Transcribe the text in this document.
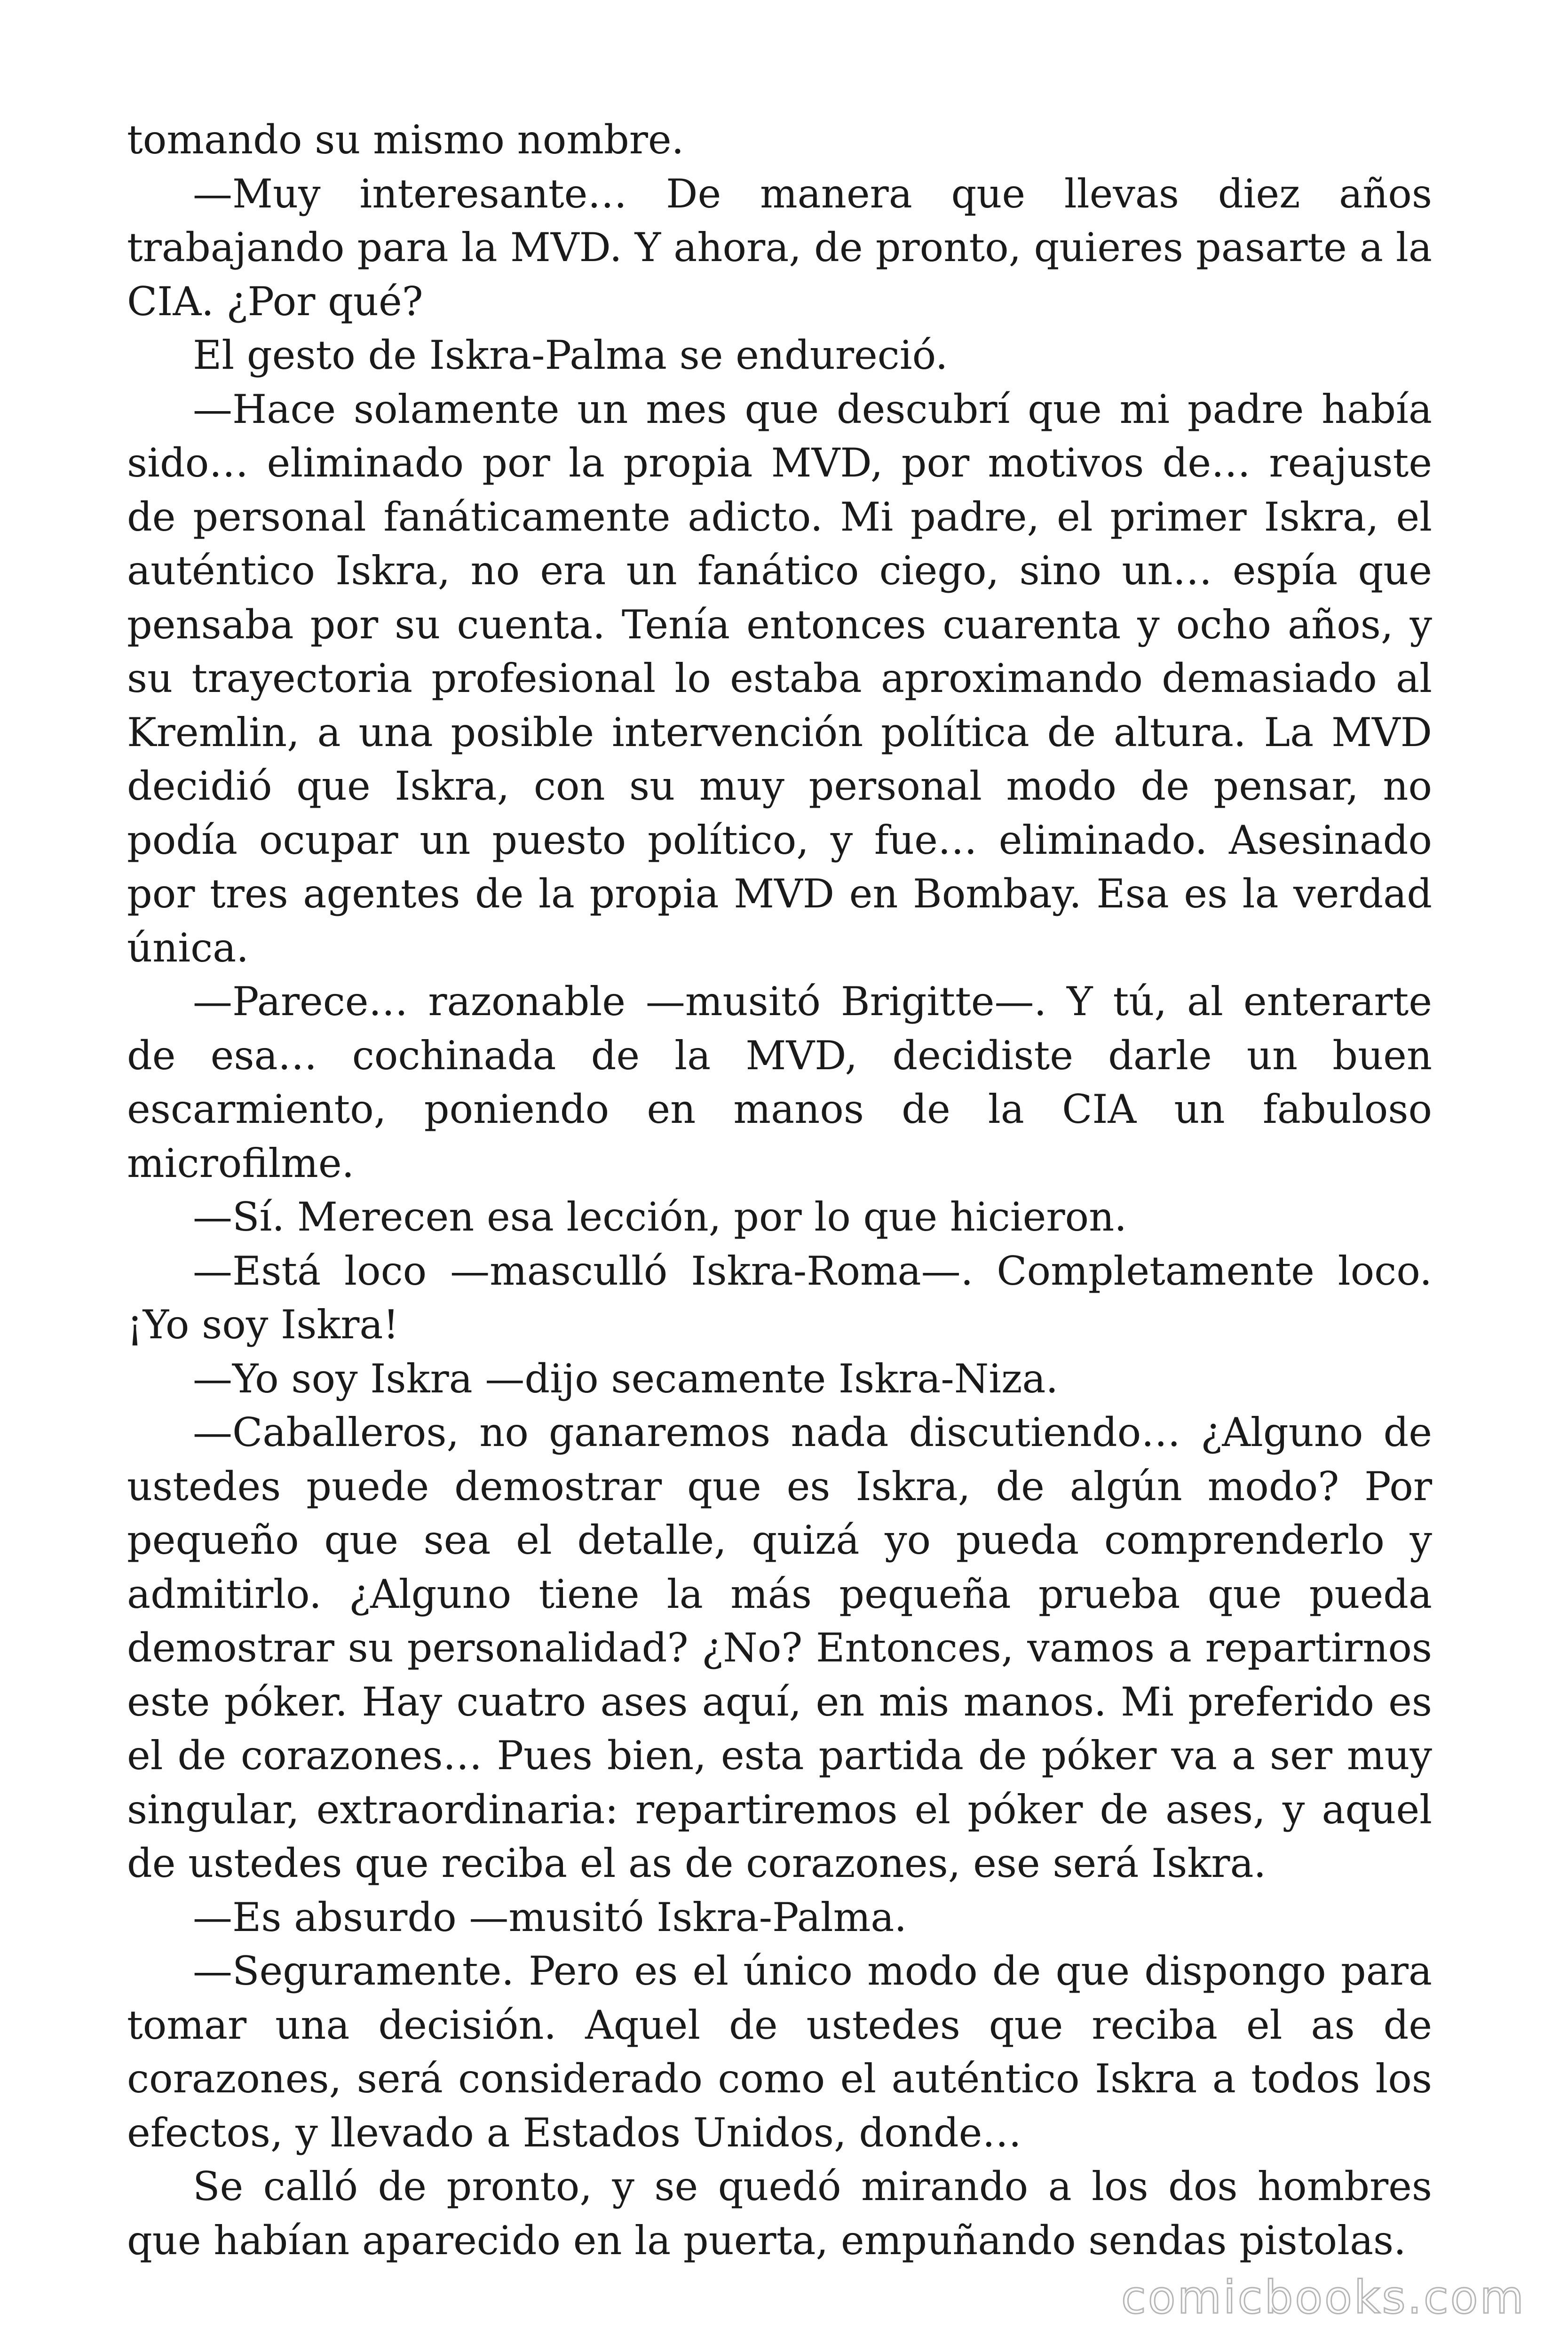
tomando su mismo nombre.

—Muy interesante… De manera que llevas diez años trabajando para la MVD. Y ahora, de pronto, quieres pasarte a la CIA. ¿Por qué?

El gesto de Iskra-Palma se endureció.

—Hace solamente un mes que descubrí que mi padre había sido… eliminado por la propia MVD, por motivos de… reajuste de personal fanáticamente adicto. Mi padre, el primer Iskra, el auténtico Iskra, no era un fanático ciego, sino un… espía que pensaba por su cuenta. Tenía entonces cuarenta y ocho años, y su trayectoria profesional lo estaba aproximando demasiado al Kremlin, a una posible intervención política de altura. La MVD decidió que Iskra, con su muy personal modo de pensar, no podía ocupar un puesto político, y fue… eliminado. Asesinado por tres agentes de la propia MVD en Bombay. Esa es la verdad única.

—Parece… razonable —musitó Brigitte—. Y tú, al enterarte de esa… cochinada de la MVD, decidiste darle un buen escarmiento, poniendo en manos de la CIA un fabuloso microfilme.

—Sí. Merecen esa lección, por lo que hicieron.

—Está loco —masculló Iskra-Roma—. Completamente loco. ¡Yo soy Iskra!

—Yo soy Iskra —dijo secamente Iskra-Niza.

—Caballeros, no ganaremos nada discutiendo… ¿Alguno de ustedes puede demostrar que es Iskra, de algún modo? Por pequeño que sea el detalle, quizá yo pueda comprenderlo y admitirlo. ¿Alguno tiene la más pequeña prueba que pueda demostrar su personalidad? ¿No? Entonces, vamos a repartirnos este póker. Hay cuatro ases aquí, en mis manos. Mi preferido es el de corazones… Pues bien, esta partida de póker va a ser muy singular, extraordinaria: repartiremos el póker de ases, y aquel de ustedes que reciba el as de corazones, ese será Iskra.

—Es absurdo —musitó Iskra-Palma.

—Seguramente. Pero es el único modo de que dispongo para tomar una decisión. Aquel de ustedes que reciba el as de corazones, será considerado como el auténtico Iskra a todos los efectos, y llevado a Estados Unidos, donde…

Se calló de pronto, y se quedó mirando a los dos hombres que habían aparecido en la puerta, empuñando sendas pistolas.

comicbooks.com
